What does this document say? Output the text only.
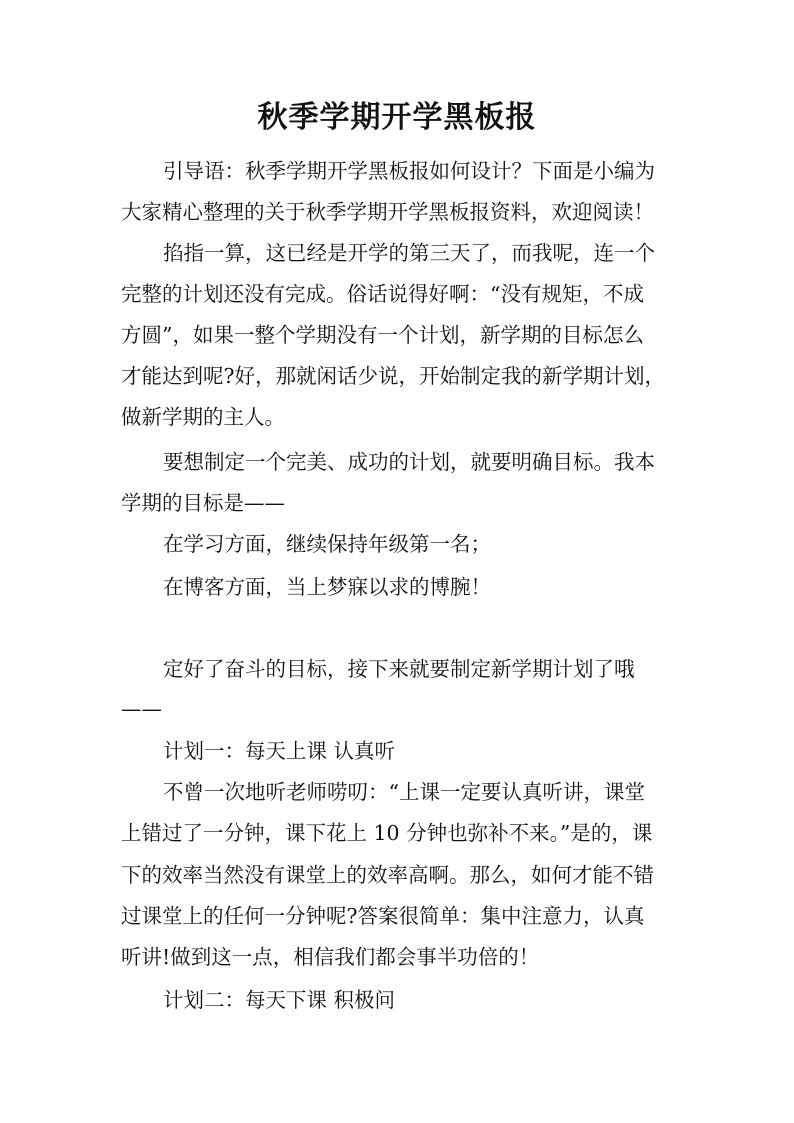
秋季学期开学黑板报
引导语：秋季学期开学黑板报如何设计？下面是小编为
大家精心整理的关于秋季学期开学黑板报资料，欢迎阅读！
掐指一算，这已经是开学的第三天了，而我呢，连一个
完整的计划还没有完成。俗话说得好啊：“没有规矩，不成
方圆”，如果一整个学期没有一个计划，新学期的目标怎么
才能达到呢?好，那就闲话少说，开始制定我的新学期计划，
做新学期的主人。
要想制定一个完美、成功的计划，就要明确目标。我本
学期的目标是——
在学习方面，继续保持年级第一名；
在博客方面，当上梦寐以求的博腕！
定好了奋斗的目标，接下来就要制定新学期计划了哦
——
计划一：每天上课 认真听
不曾一次地听老师唠叨：“上课一定要认真听讲，课堂
上错过了一分钟，课下花上 10 分钟也弥补不来。”是的，课
下的效率当然没有课堂上的效率高啊。那么，如何才能不错
过课堂上的任何一分钟呢?答案很简单：集中注意力，认真
听讲!做到这一点，相信我们都会事半功倍的！
计划二：每天下课 积极问
